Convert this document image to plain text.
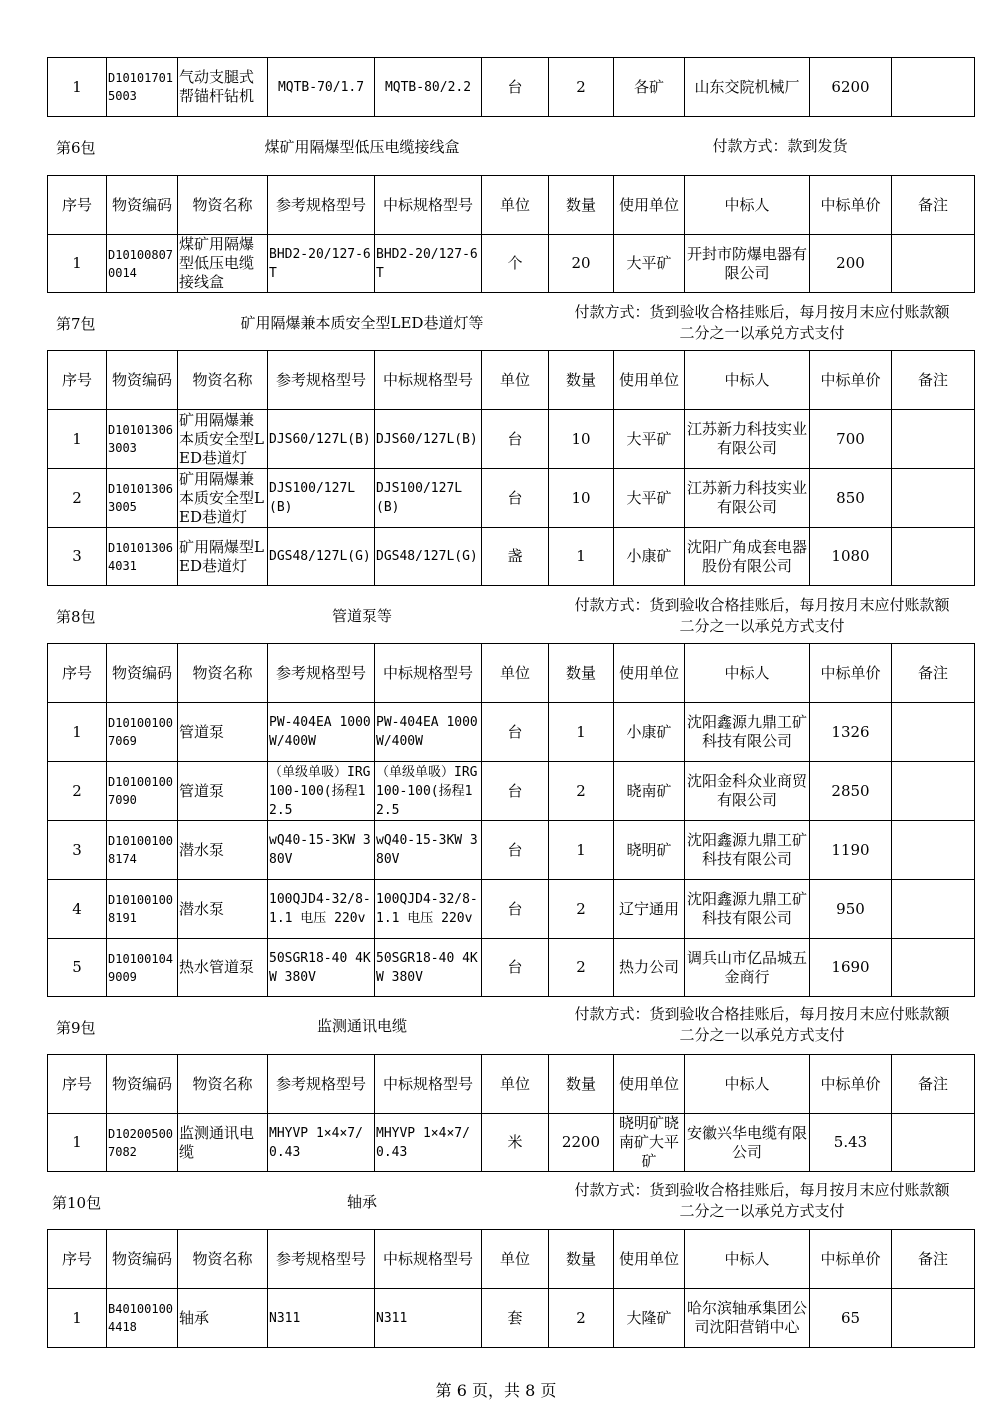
1	D101017015003	气动支腿式帮锚杆钻机	MQTB-70/1.7	MQTB-80/2.2	台	2	各矿	山东交院机械厂	6200	
第6包	煤矿用隔爆型低压电缆接线盒	付款方式：款到发货
序号	物资编码	物资名称	参考规格型号	中标规格型号	单位	数量	使用单位	中标人	中标单价	备注
1	D101008070014	煤矿用隔爆型低压电缆接线盒	BHD2-20/127-6T	BHD2-20/127-6T	个	20	大平矿	开封市防爆电器有限公司	200	
第7包	矿用隔爆兼本质安全型LED巷道灯等
付款方式：货到验收合格挂账后，每月按月末应付账款额
二分之一以承兑方式支付
序号	物资编码	物资名称	参考规格型号	中标规格型号	单位	数量	使用单位	中标人	中标单价	备注
1	D101013063003	矿用隔爆兼本质安全型LED巷道灯	DJS60/127L(B)	DJS60/127L(B)	台	10	大平矿	江苏新力科技实业有限公司	700	
2	D101013063005	矿用隔爆兼本质安全型LED巷道灯	DJS100/127L(B)	DJS100/127L(B)	台	10	大平矿	江苏新力科技实业有限公司	850	
3	D101013064031	矿用隔爆型LED巷道灯	DGS48/127L(G)	DGS48/127L(G)	盏	1	小康矿	沈阳广角成套电器股份有限公司	1080	
第8包	管道泵等
付款方式：货到验收合格挂账后，每月按月末应付账款额
二分之一以承兑方式支付
序号	物资编码	物资名称	参考规格型号	中标规格型号	单位	数量	使用单位	中标人	中标单价	备注
1	D101001007069	管道泵	PW-404EA 1000W/400W	PW-404EA 1000W/400W	台	1	小康矿	沈阳鑫源九鼎工矿科技有限公司	1326	
2	D101001007090	管道泵	（单级单吸）IRG100-100(扬程12.5	（单级单吸）IRG100-100(扬程12.5	台	2	晓南矿	沈阳金科众业商贸有限公司	2850	
3	D101001008174	潜水泵	wQ40-15-3KW 380V	wQ40-15-3KW 380V	台	1	晓明矿	沈阳鑫源九鼎工矿科技有限公司	1190	
4	D101001008191	潜水泵	100QJD4-32/8-1.1 电压 220v	100QJD4-32/8-1.1 电压 220v	台	2	辽宁通用	沈阳鑫源九鼎工矿科技有限公司	950	
5	D101001049009	热水管道泵	50SGR18-40 4KW 380V	50SGR18-40 4KW 380V	台	2	热力公司	调兵山市亿品城五金商行	1690	
第9包	监测通讯电缆
付款方式：货到验收合格挂账后，每月按月末应付账款额
二分之一以承兑方式支付
序号	物资编码	物资名称	参考规格型号	中标规格型号	单位	数量	使用单位	中标人	中标单价	备注
1	D102005007082	监测通讯电缆	MHYVP 1×4×7/0.43	MHYVP 1×4×7/0.43	米	2200	晓明矿晓南矿大平矿	安徽兴华电缆有限公司	5.43	
第10包	轴承
付款方式：货到验收合格挂账后，每月按月末应付账款额
二分之一以承兑方式支付
序号	物资编码	物资名称	参考规格型号	中标规格型号	单位	数量	使用单位	中标人	中标单价	备注
1	B401001004418	轴承	N311	N311	套	2	大隆矿	哈尔滨轴承集团公司沈阳营销中心	65	
第 6 页，共 8 页
